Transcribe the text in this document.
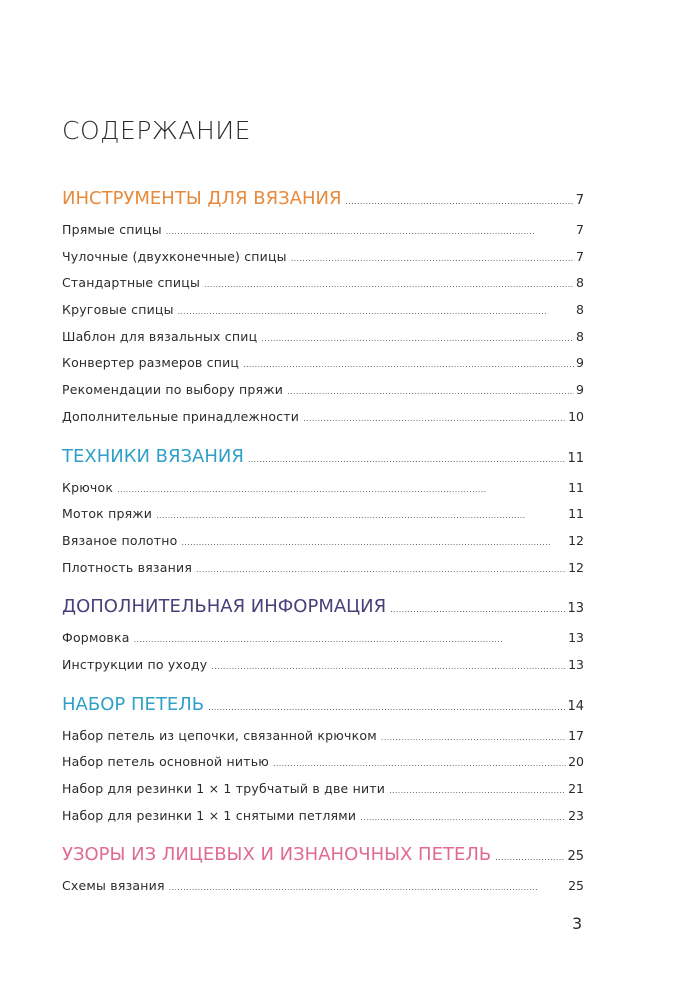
СОДЕРЖАНИЕ
ИНСТРУМЕНТЫ ДЛЯ ВЯЗАНИЯ . . .	7
Прямые спицы . . .	7
Чулочные (двухконечные) спицы . . .	7
Стандартные спицы . . .	8
Круговые спицы . . .	8
Шаблон для вязальных спиц . . .	8
Конвертер размеров спиц . . .	9
Рекомендации по выбору пряжи . . .	9
Дополнительные принадлежности . . .	10
ТЕХНИКИ ВЯЗАНИЯ . . .	11
Крючок . . .	11
Моток пряжи . . .	11
Вязаное полотно . . .	12
Плотность вязания . . .	12
ДОПОЛНИТЕЛЬНАЯ ИНФОРМАЦИЯ . . .	13
Формовка . . .	13
Инструкции по уходу . . .	13
НАБОР ПЕТЕЛЬ . . .	14
Набор петель из цепочки, связанной крючком . . .	17
Набор петель основной нитью . . .	20
Набор для резинки 1 × 1 трубчатый в две нити . . .	21
Набор для резинки 1 × 1 снятыми петлями . . .	23
УЗОРЫ ИЗ ЛИЦЕВЫХ И ИЗНАНОЧНЫХ ПЕТЕЛЬ . . .	25
Схемы вязания . . .	25
3
